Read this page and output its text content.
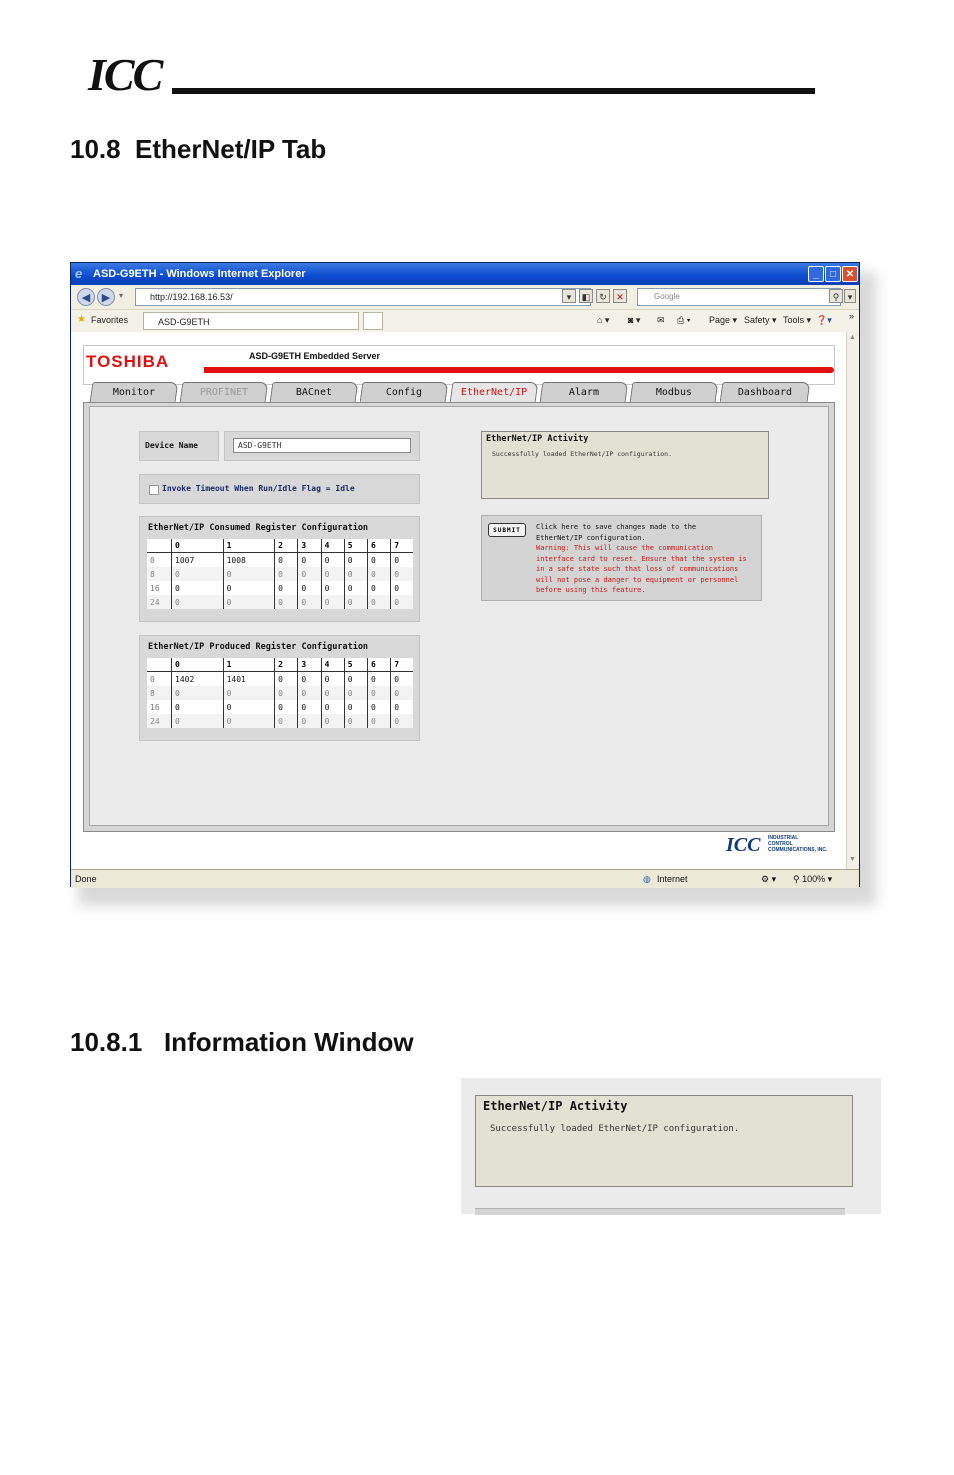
ICC
10.8  EtherNet/IP Tab
e ASD-G9ETH - Windows Internet Explorer	_	□ ✕
◀	▶	▾	http://192.168.16.53/	▾	◧ ↻	✕	Google	⚲ ▾
★ Favorites	ASD-G9ETH	⌂ ▾ ◙ ▾ ✉ ⎙ ▾ Page ▾ Safety ▾ Tools ▾ ❓▾ »
TOSHIBA	ASD-G9ETH Embedded Server
Monitor	PROFINET	BACnet	Config	EtherNet/IP	Alarm	Modbus	Dashboard
Device Name	ASD-G9ETH
Invoke Timeout When Run/Idle Flag = Idle
EtherNet/IP Consumed Register Configuration
	0	1	2	3	4	5	6	7
0	1007	1008	0	0	0	0	0	0
8	0	0	0	0	0	0	0	0
16	0	0	0	0	0	0	0	0
24	0	0	0	0	0	0	0	0
EtherNet/IP Produced Register Configuration
	0	1	2	3	4	5	6	7
0	1402	1401	0	0	0	0	0	0
8	0	0	0	0	0	0	0	0
16	0	0	0	0	0	0	0	0
24	0	0	0	0	0	0	0	0
EtherNet/IP Activity
Successfully loaded EtherNet/IP configuration.
SUBMIT	Click here to save changes made to the
EtherNet/IP configuration.
Warning: This will cause the communication
interface card to reset. Ensure that the system is
in a safe state such that loss of communications
will not pose a danger to equipment or personnel
before using this feature.
ICC INDUSTRIAL
CONTROL
COMMUNICATIONS, INC.
▲
▼
Done	◍ Internet	⚙ ▾ ⚲ 100% ▾
10.8.1   Information Window
EtherNet/IP Activity
Successfully loaded EtherNet/IP configuration.
